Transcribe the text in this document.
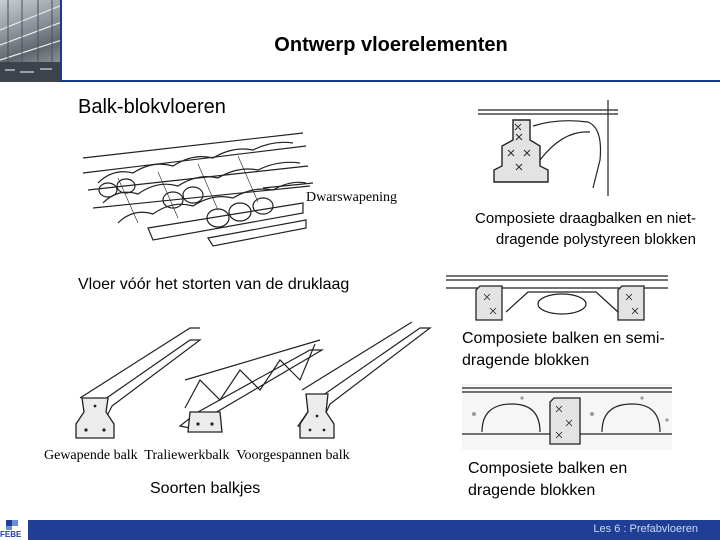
Ontwerp vloerelementen
Balk-blokvloeren
Dwarswapening
Composiete draagbalken en niet-dragende polystyreen blokken
Vloer vóór het storten van de druklaag
Composiete balken en semi-dragende blokken
Gewapende balk  Traliewerkbalk  Voorgespannen balk
Soorten balkjes
Composiete balken en dragende blokken
FEBE	Les 6 : Prefabvloeren
